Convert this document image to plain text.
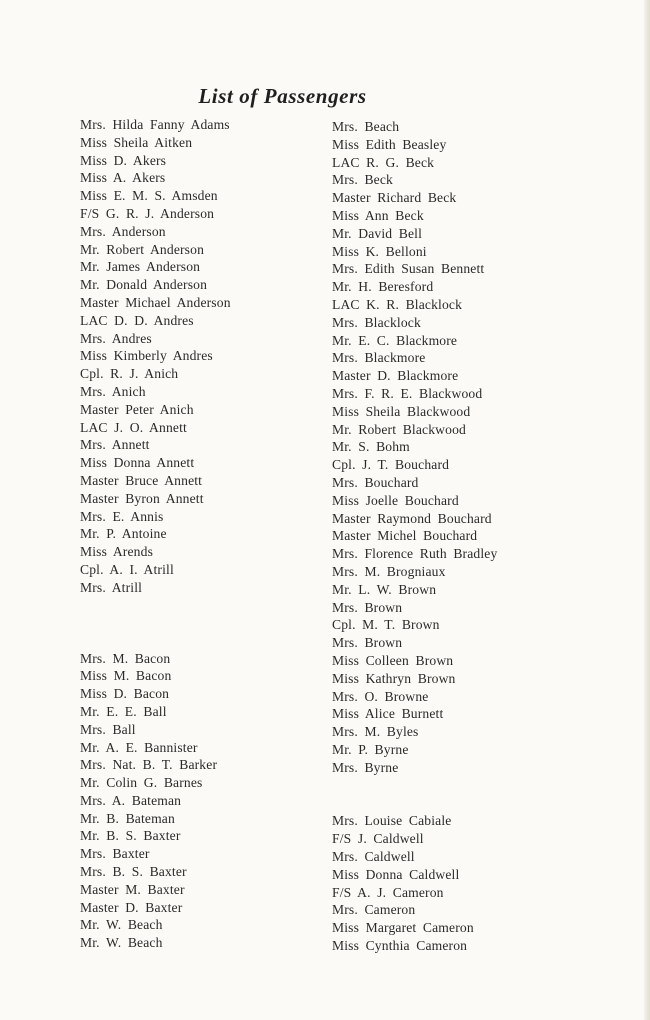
List of Passengers
Mrs. Hilda Fanny Adams
Miss Sheila Aitken
Miss D. Akers
Miss A. Akers
Miss E. M. S. Amsden
F/S G. R. J. Anderson
Mrs. Anderson
Mr. Robert Anderson
Mr. James Anderson
Mr. Donald Anderson
Master Michael Anderson
LAC D. D. Andres
Mrs. Andres
Miss Kimberly Andres
Cpl. R. J. Anich
Mrs. Anich
Master Peter Anich
LAC J. O. Annett
Mrs. Annett
Miss Donna Annett
Master Bruce Annett
Master Byron Annett
Mrs. E. Annis
Mr. P. Antoine
Miss Arends
Cpl. A. I. Atrill
Mrs. Atrill
Mrs. M. Bacon
Miss M. Bacon
Miss D. Bacon
Mr. E. E. Ball
Mrs. Ball
Mr. A. E. Bannister
Mrs. Nat. B. T. Barker
Mr. Colin G. Barnes
Mrs. A. Bateman
Mr. B. Bateman
Mr. B. S. Baxter
Mrs. Baxter
Mrs. B. S. Baxter
Master M. Baxter
Master D. Baxter
Mr. W. Beach
Mr. W. Beach
Mrs. Beach
Miss Edith Beasley
LAC R. G. Beck
Mrs. Beck
Master Richard Beck
Miss Ann Beck
Mr. David Bell
Miss K. Belloni
Mrs. Edith Susan Bennett
Mr. H. Beresford
LAC K. R. Blacklock
Mrs. Blacklock
Mr. E. C. Blackmore
Mrs. Blackmore
Master D. Blackmore
Mrs. F. R. E. Blackwood
Miss Sheila Blackwood
Mr. Robert Blackwood
Mr. S. Bohm
Cpl. J. T. Bouchard
Mrs. Bouchard
Miss Joelle Bouchard
Master Raymond Bouchard
Master Michel Bouchard
Mrs. Florence Ruth Bradley
Mrs. M. Brogniaux
Mr. L. W. Brown
Mrs. Brown
Cpl. M. T. Brown
Mrs. Brown
Miss Colleen Brown
Miss Kathryn Brown
Mrs. O. Browne
Miss Alice Burnett
Mrs. M. Byles
Mr. P. Byrne
Mrs. Byrne
Mrs. Louise Cabiale
F/S J. Caldwell
Mrs. Caldwell
Miss Donna Caldwell
F/S A. J. Cameron
Mrs. Cameron
Miss Margaret Cameron
Miss Cynthia Cameron
